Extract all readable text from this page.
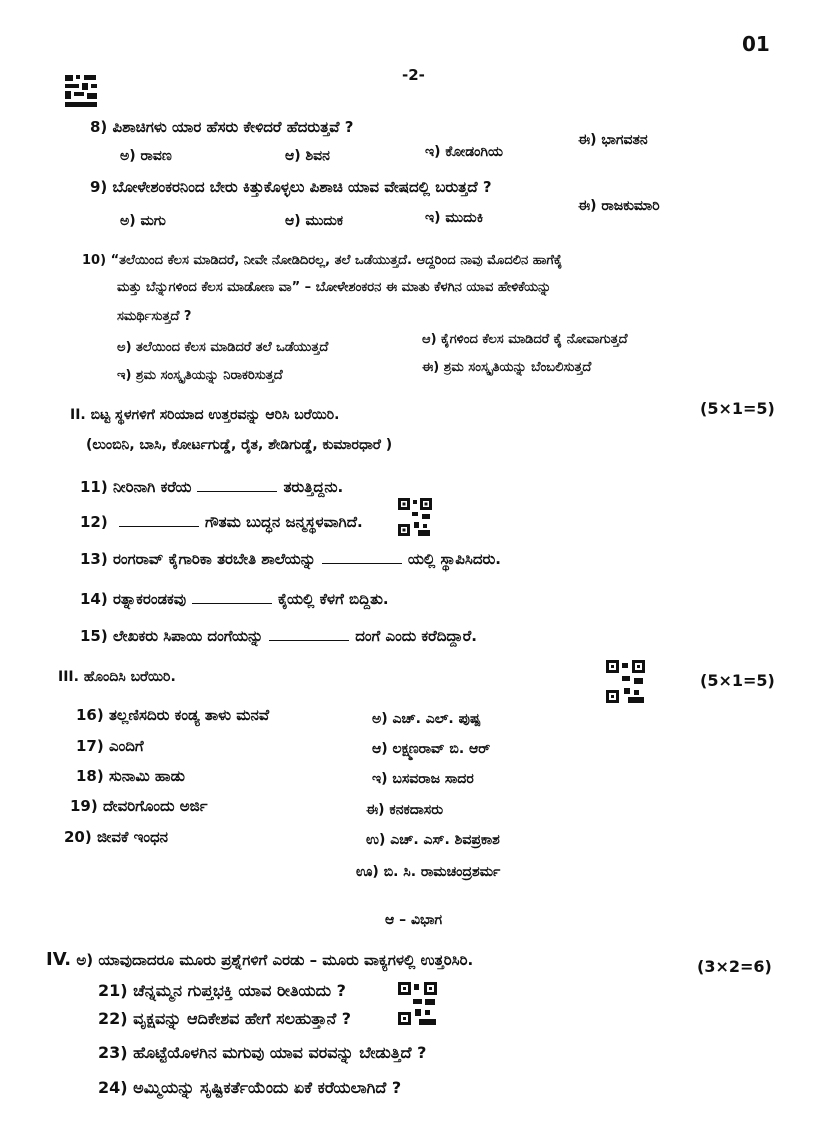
01
-2-
8) ಪಿಶಾಚಿಗಳು ಯಾರ ಹೆಸರು ಕೇಳಿದರೆ ಹೆದರುತ್ತವೆ ?
ಅ) ರಾವಣ	ಆ) ಶಿವನ	ಇ) ಕೋಡಂಗಿಯ
ಈ) ಭಾಗವತನ
9) ಬೋಳೇಶಂಕರನಿಂದ ಬೇರು ಕಿತ್ತುಕೊಳ್ಳಲು ಪಿಶಾಚಿ ಯಾವ ವೇಷದಲ್ಲಿ ಬರುತ್ತದೆ ?
ಅ) ಮಗು	ಆ) ಮುದುಕ	ಇ) ಮುದುಕಿ
ಈ) ರಾಜಕುಮಾರಿ
10) “ತಲೆಯಿಂದ ಕೆಲಸ ಮಾಡಿದರೆ, ನೀವೇ ನೋಡಿದಿರಲ್ಲ, ತಲೆ ಒಡೆಯುತ್ತದೆ. ಆದ್ದರಿಂದ ನಾವು ಮೊದಲಿನ ಹಾಗೆಕೈ
ಮತ್ತು ಬೆನ್ನುಗಳಿಂದ ಕೆಲಸ ಮಾಡೋಣ ವಾ” – ಬೋಳೇಶಂಕರನ ಈ ಮಾತು ಕೆಳಗಿನ ಯಾವ ಹೇಳಿಕೆಯನ್ನು
ಸಮರ್ಥಿಸುತ್ತದೆ ?
ಅ) ತಲೆಯಿಂದ ಕೆಲಸ ಮಾಡಿದರೆ ತಲೆ ಒಡೆಯುತ್ತದೆ
ಆ) ಕೈಗಳಿಂದ ಕೆಲಸ ಮಾಡಿದರೆ ಕೈ ನೋವಾಗುತ್ತದೆ
ಇ) ಶ್ರಮ ಸಂಸ್ಕೃತಿಯನ್ನು ನಿರಾಕರಿಸುತ್ತದೆ
ಈ) ಶ್ರಮ ಸಂಸ್ಕೃತಿಯನ್ನು ಬೆಂಬಲಿಸುತ್ತದೆ
II. ಬಿಟ್ಟ ಸ್ಥಳಗಳಿಗೆ ಸರಿಯಾದ ಉತ್ತರವನ್ನು ಆರಿಸಿ ಬರೆಯಿರಿ.	(5×1=5)
(ಲುಂಬಿನಿ, ಬಾಸಿ, ಕೋರ್ಟಗುಡ್ಡೆ, ರೈತ, ಶೇಡಿಗುಡ್ಡೆ, ಕುಮಾರಧಾರೆ )
11) ನೀರಿನಾಗಿ ಕರೆಯ	ತರುತ್ತಿದ್ದನು.
12)	ಗೌತಮ ಬುದ್ಧನ ಜನ್ಮಸ್ಥಳವಾಗಿದೆ.
13) ರಂಗರಾವ್ ಕೈಗಾರಿಕಾ ತರಬೇತಿ ಶಾಲೆಯನ್ನು	ಯಲ್ಲಿ ಸ್ಥಾಪಿಸಿದರು.
14) ರತ್ನಾಕರಂಡಕವು	ಕೈಯಲ್ಲಿ ಕೆಳಗೆ ಬಿದ್ದಿತು.
15) ಲೇಖಕರು ಸಿಪಾಯಿ ದಂಗೆಯನ್ನು	ದಂಗೆ ಎಂದು ಕರೆದಿದ್ದಾರೆ.
III. ಹೊಂದಿಸಿ ಬರೆಯಿರಿ.	(5×1=5)
16) ತಲ್ಲಣಿಸದಿರು ಕಂಡ್ಯ ತಾಳು ಮನವೆ
17) ಎಂದಿಗೆ
18) ಸುನಾಮಿ ಹಾಡು
19) ದೇವರಿಗೊಂದು ಅರ್ಜಿ
20) ಜೀವಕೆ ಇಂಧನ
ಅ) ಎಚ್. ಎಲ್. ಪುಷ್ಪ
ಆ) ಲಕ್ಷ್ಮಣರಾವ್ ಬಿ. ಆರ್
ಇ) ಬಸವರಾಜ ಸಾದರ
ಈ) ಕನಕದಾಸರು
ಉ) ಎಚ್. ಎಸ್. ಶಿವಪ್ರಕಾಶ
ಊ) ಬಿ. ಸಿ. ರಾಮಚಂದ್ರಶರ್ಮ
ಆ – ವಿಭಾಗ
IV. ಅ) ಯಾವುದಾದರೂ ಮೂರು ಪ್ರಶ್ನೆಗಳಿಗೆ ಎರಡು – ಮೂರು ವಾಕ್ಯಗಳಲ್ಲಿ ಉತ್ತರಿಸಿರಿ.	(3×2=6)
21) ಚೆನ್ನಮ್ಮನ ಗುಪ್ತಭಕ್ತಿ ಯಾವ ರೀತಿಯದು ?
22) ವೃಕ್ಷವನ್ನು ಆದಿಕೇಶವ ಹೇಗೆ ಸಲಹುತ್ತಾನೆ ?
23) ಹೊಟ್ಟೆಯೊಳಗಿನ ಮಗುವು ಯಾವ ವರವನ್ನು ಬೇಡುತ್ತಿದೆ ?
24) ಅಮ್ಮಿಯನ್ನು ಸೃಷ್ಟಿಕರ್ತೆಯೆಂದು ಏಕೆ ಕರೆಯಲಾಗಿದೆ ?
